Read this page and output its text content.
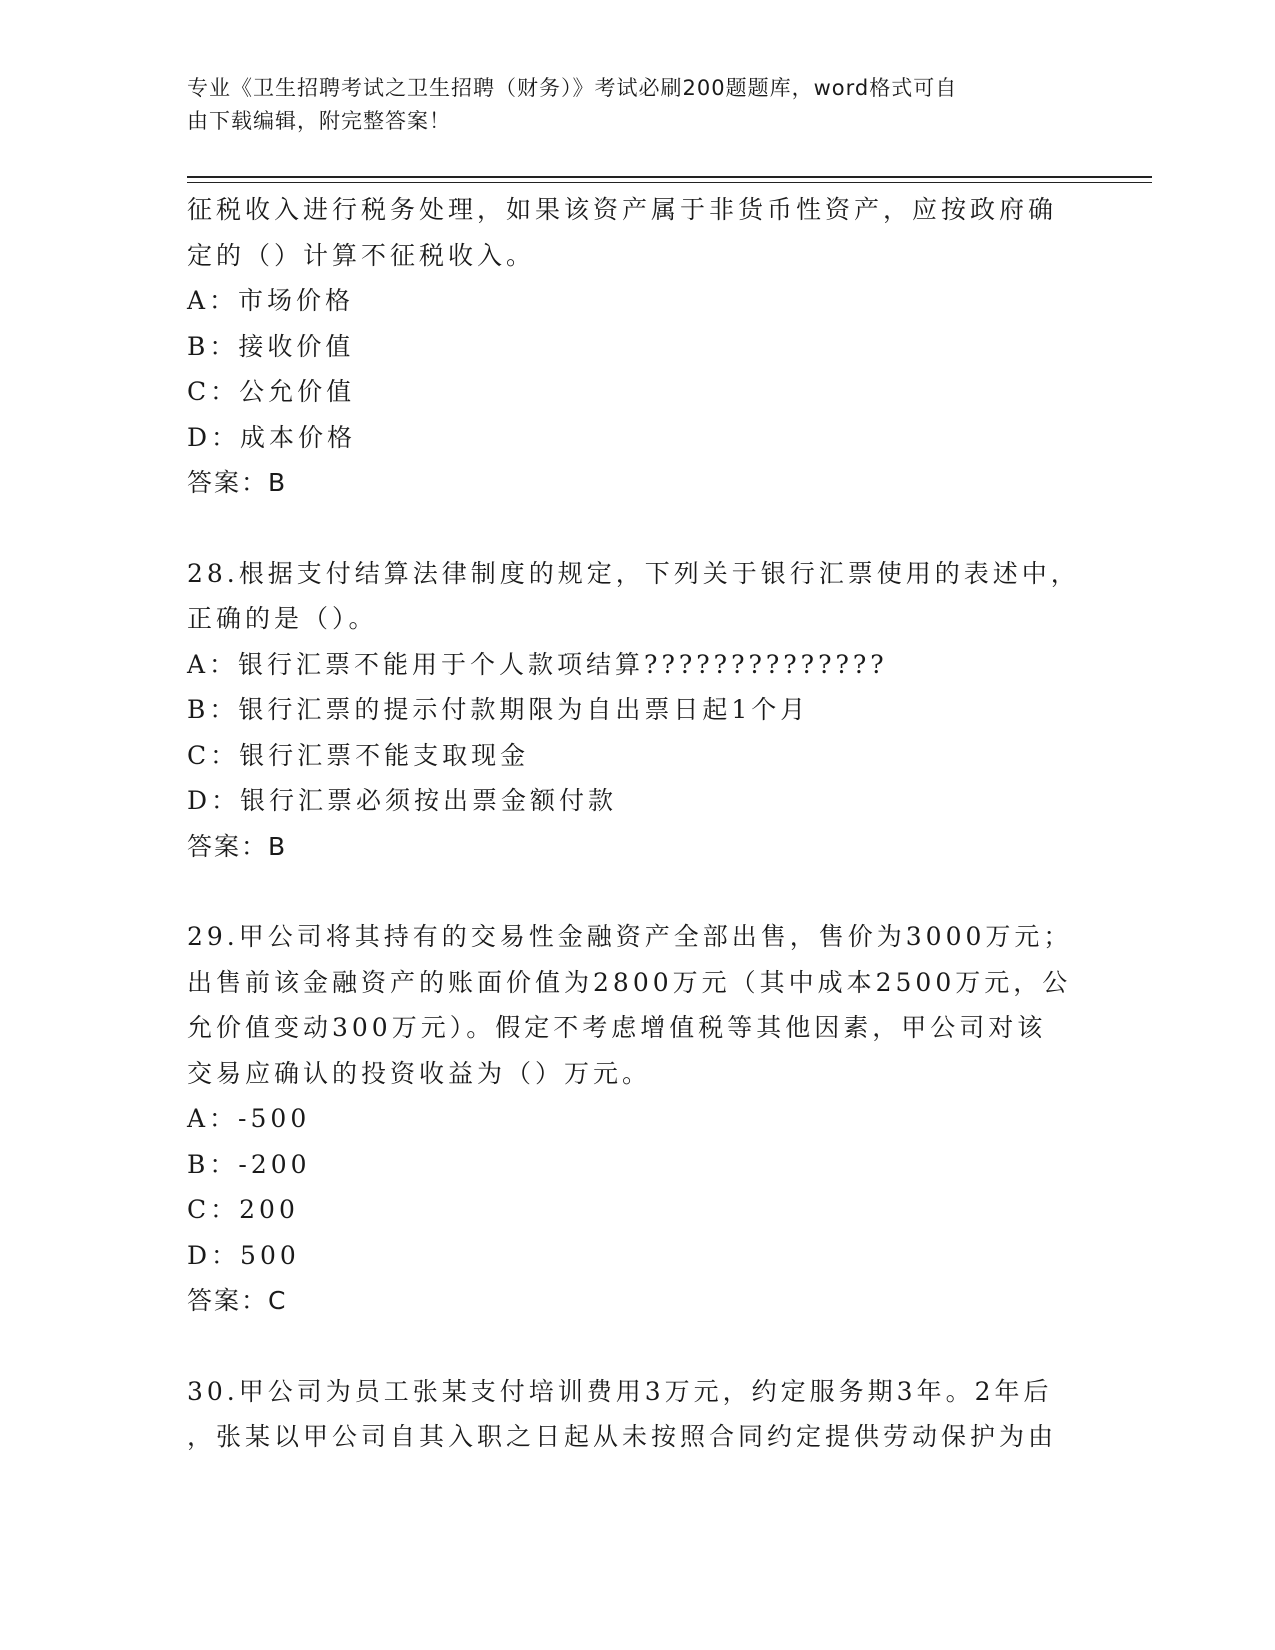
专业《卫生招聘考试之卫生招聘（财务）》考试必刷200题题库，word格式可自
由下载编辑，附完整答案！
征税收入进行税务处理，如果该资产属于非货币性资产，应按政府确
定的（）计算不征税收入。
A：市场价格
B：接收价值
C：公允价值
D：成本价格
答案：B
28.根据支付结算法律制度的规定，下列关于银行汇票使用的表述中，
正确的是（）。
A：银行汇票不能用于个人款项结算??????????????
B：银行汇票的提示付款期限为自出票日起1个月
C：银行汇票不能支取现金
D：银行汇票必须按出票金额付款
答案：B
29.甲公司将其持有的交易性金融资产全部出售，售价为3000万元；
出售前该金融资产的账面价值为2800万元（其中成本2500万元，公
允价值变动300万元）。假定不考虑增值税等其他因素，甲公司对该
交易应确认的投资收益为（）万元。
A：-500
B：-200
C：200
D：500
答案：C
30.甲公司为员工张某支付培训费用3万元，约定服务期3年。2年后
，张某以甲公司自其入职之日起从未按照合同约定提供劳动保护为由
